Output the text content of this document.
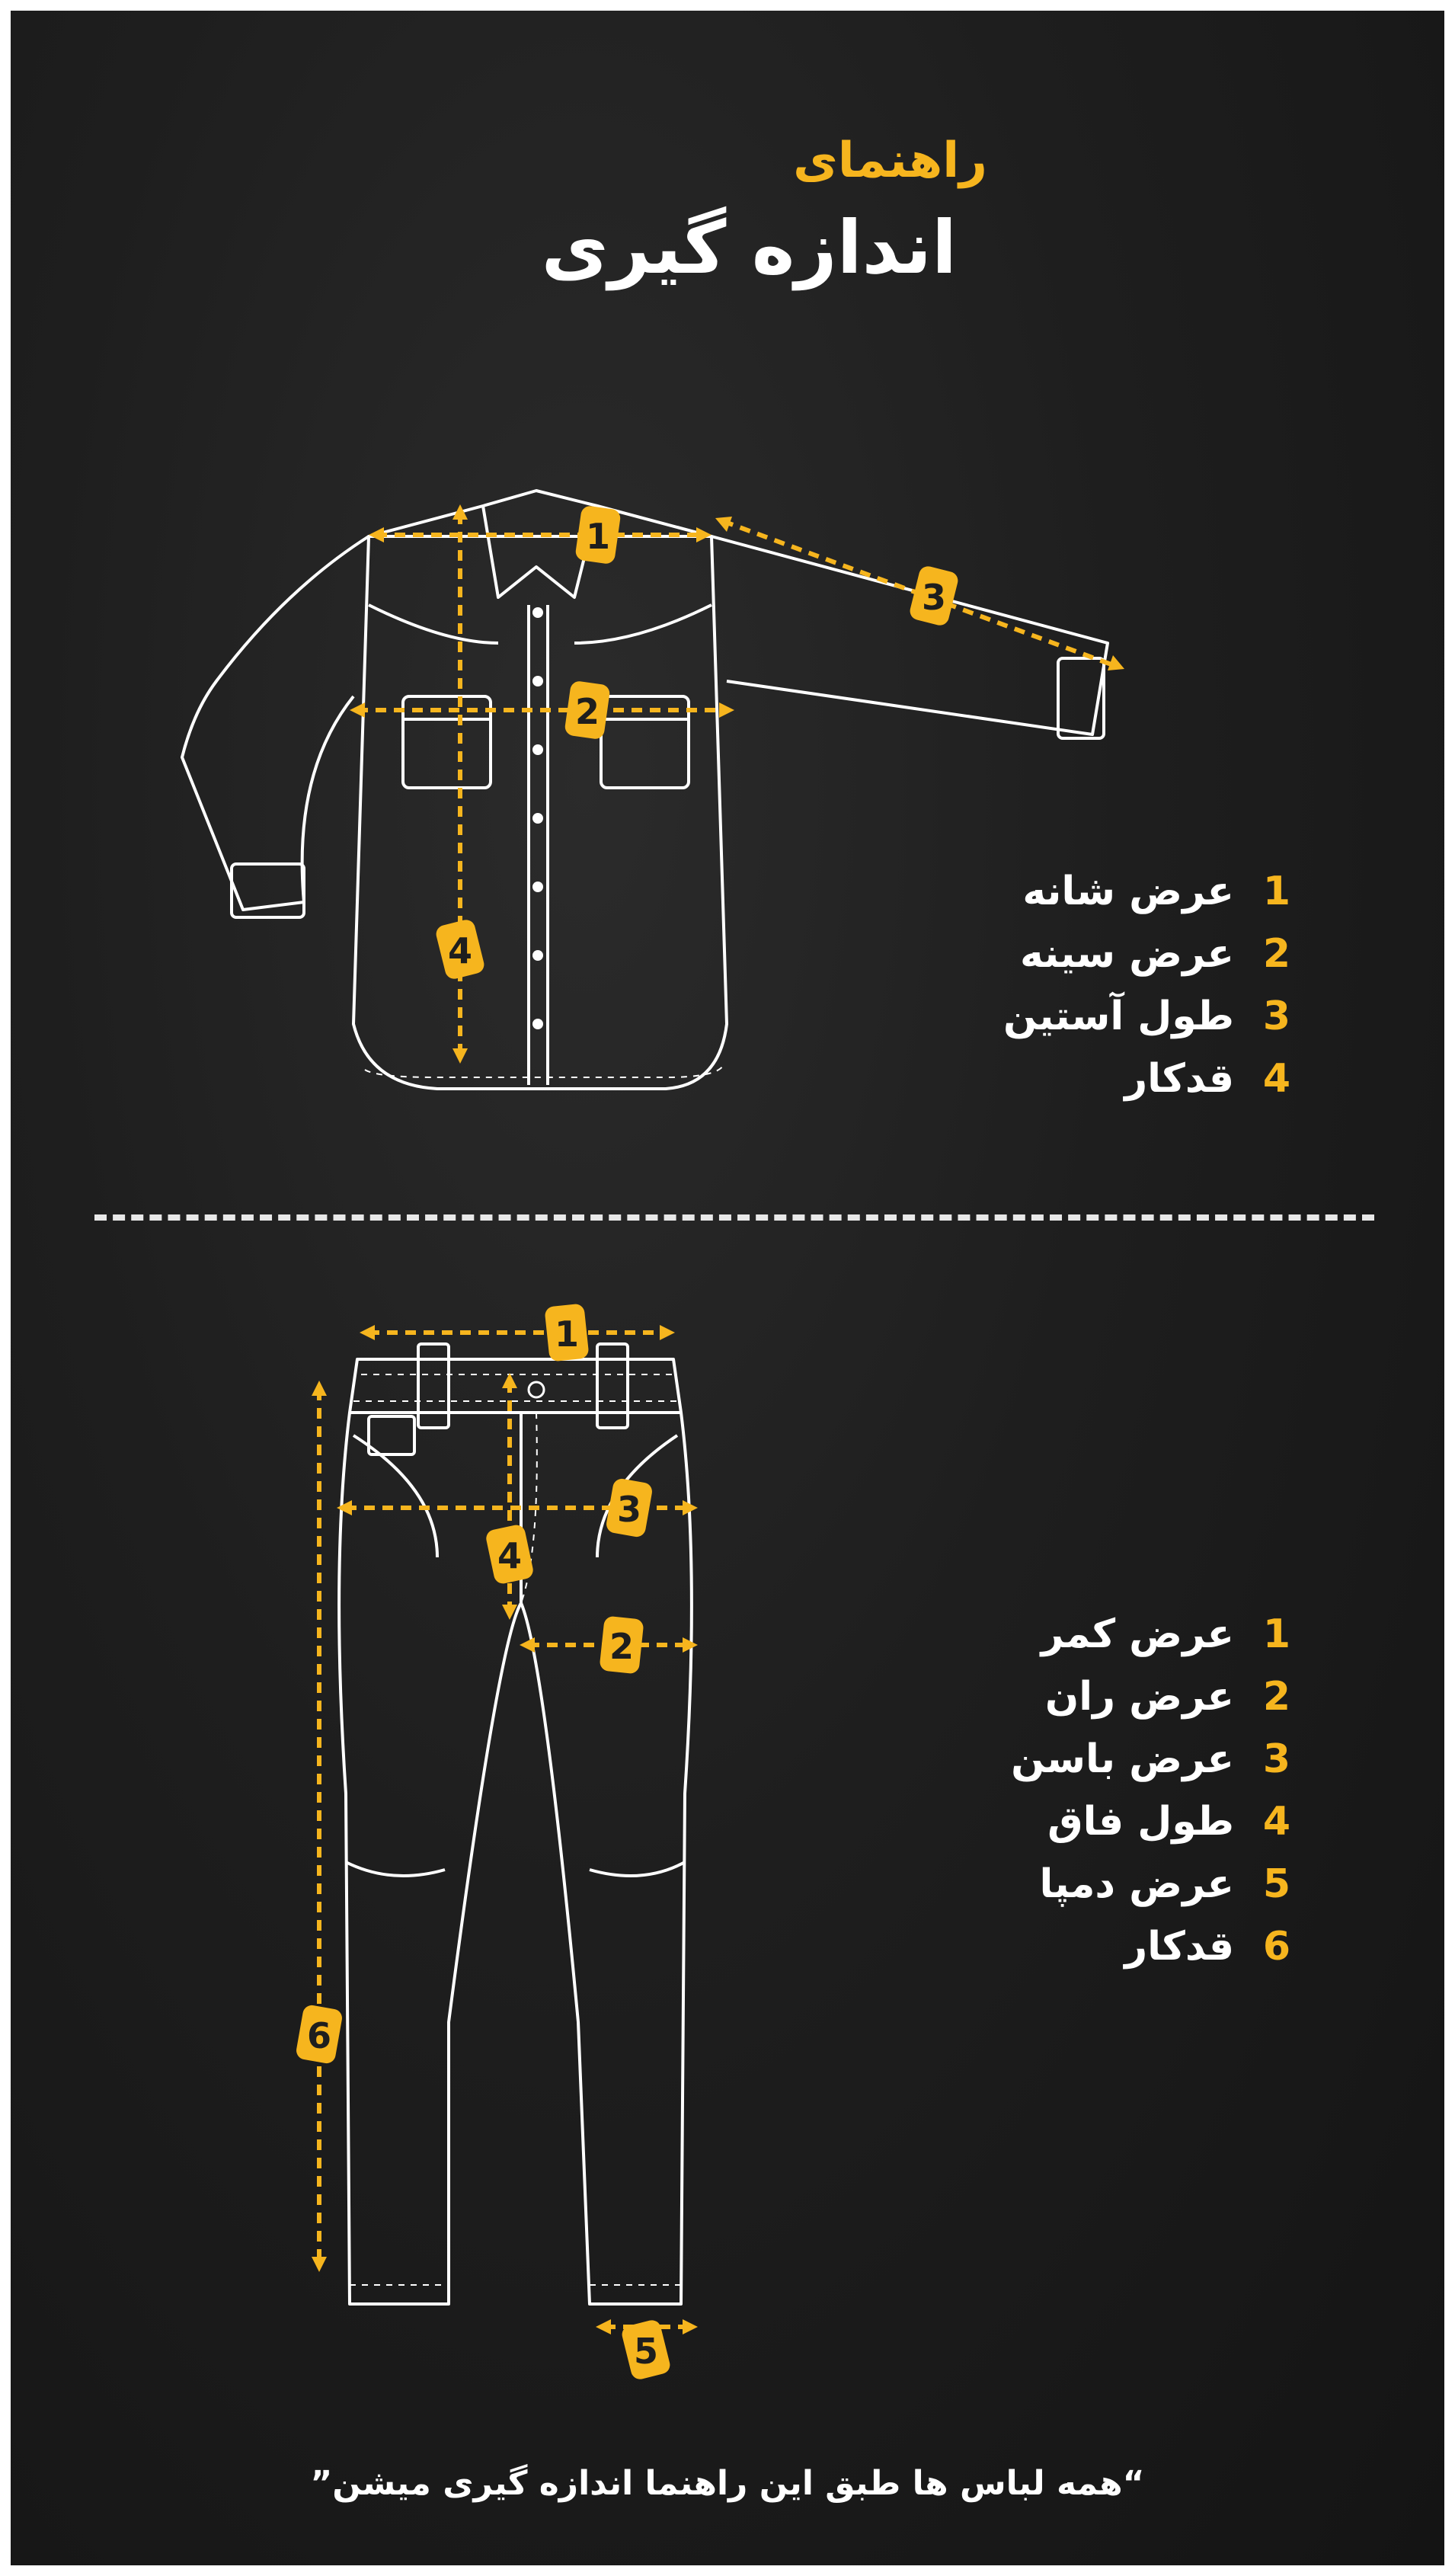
راهنمای
اندازه گیری
1
2
3
4
1
عرض شانه
2
عرض سینه
3
طول آستین
4
قدکار
1
2
3
4
5
6
1
عرض کمر
2
عرض ران
3
عرض باسن
4
طول فاق
5
عرض دمپا
6
قدکار
“همه لباس ها طبق این راهنما اندازه گیری میشن”
